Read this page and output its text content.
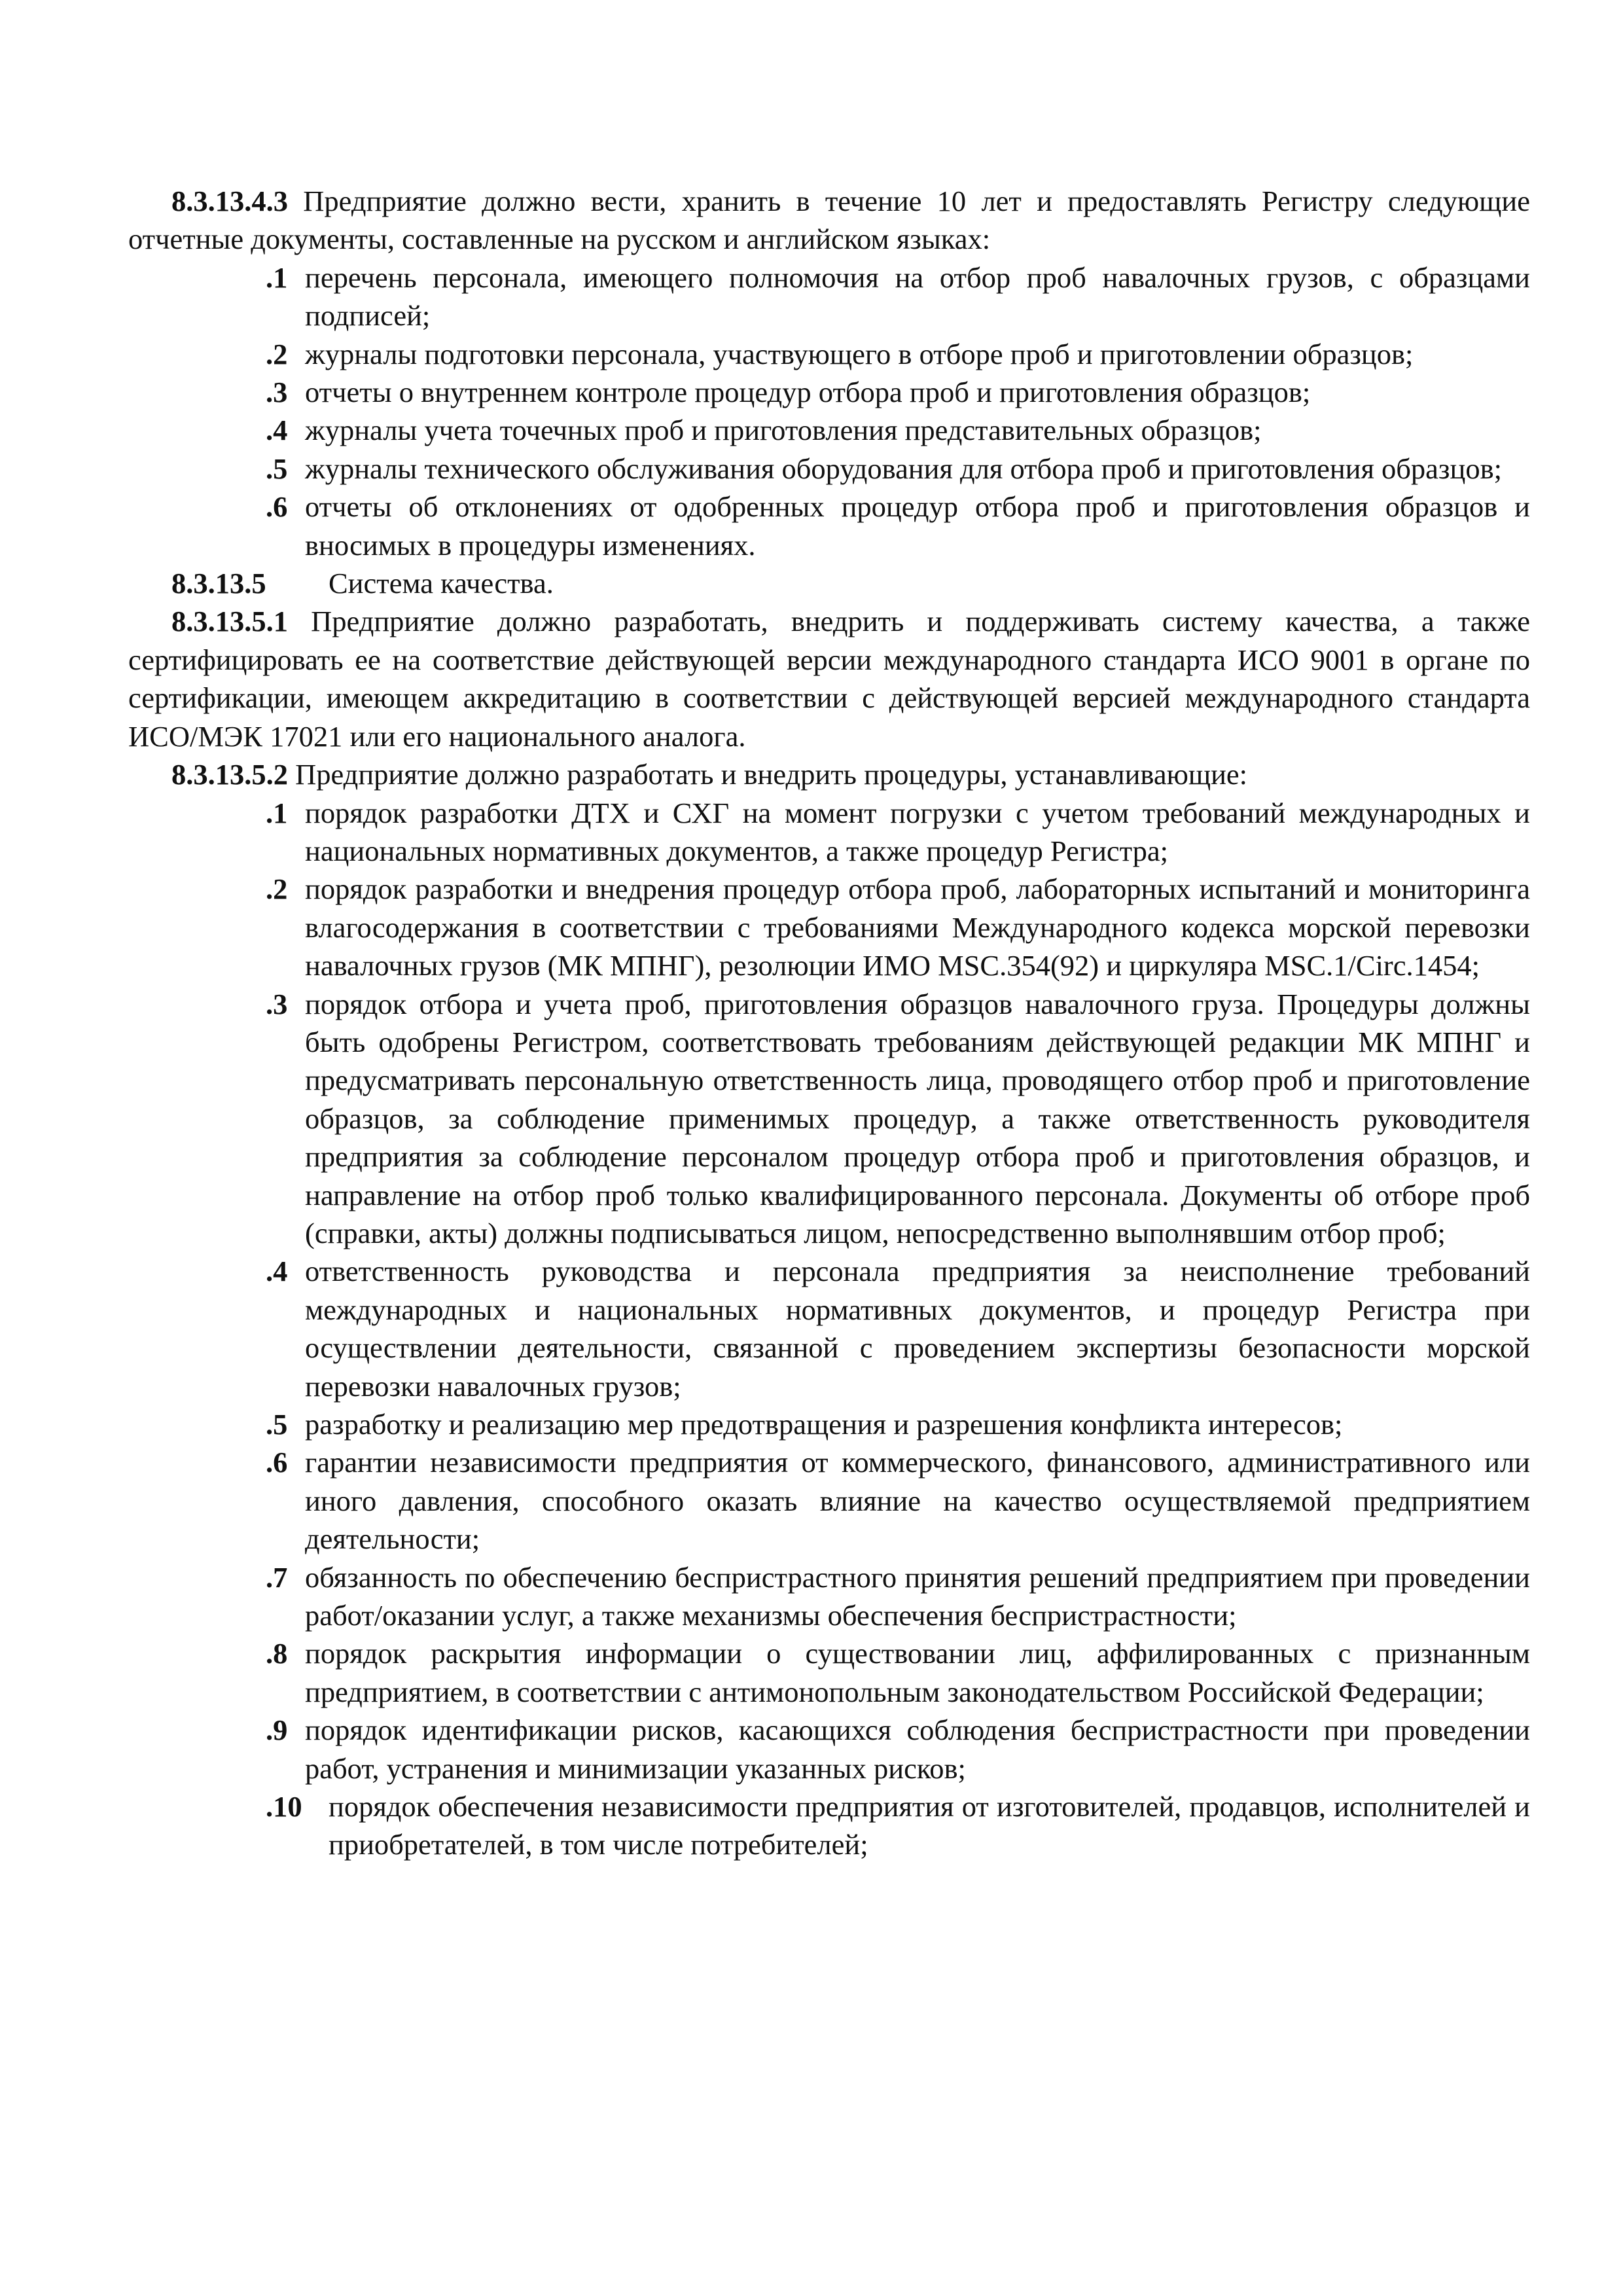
8.3.13.4.3 Предприятие должно вести, хранить в течение 10 лет и предоставлять Регистру следующие отчетные документы, составленные на русском и английском языках:

.1 перечень персонала, имеющего полномочия на отбор проб навалочных грузов, с образцами подписей;

.2 журналы подготовки персонала, участвующего в отборе проб и приготовлении образцов;

.3 отчеты о внутреннем контроле процедур отбора проб и приготовления образцов;

.4 журналы учета точечных проб и приготовления представительных образцов;

.5 журналы технического обслуживания оборудования для отбора проб и приготовления образцов;

.6 отчеты об отклонениях от одобренных процедур отбора проб и приготовления образцов и вносимых в процедуры изменениях.

8.3.13.5 Система качества.

8.3.13.5.1 Предприятие должно разработать, внедрить и поддерживать систему качества, а также сертифицировать ее на соответствие действующей версии международного стандарта ИСО 9001 в органе по сертификации, имеющем аккредитацию в соответствии с действующей версией международного стандарта ИСО/МЭК 17021 или его национального аналога.

8.3.13.5.2 Предприятие должно разработать и внедрить процедуры, устанавливающие:

.1 порядок разработки ДТХ и СХГ на момент погрузки с учетом требований международных и национальных нормативных документов, а также процедур Регистра;

.2 порядок разработки и внедрения процедур отбора проб, лабораторных испытаний и мониторинга влагосодержания в соответствии с требованиями Международного кодекса морской перевозки навалочных грузов (МК МПНГ), резолюции ИМО MSC.354(92) и циркуляра MSC.1/Circ.1454;

.3 порядок отбора и учета проб, приготовления образцов навалочного груза. Процедуры должны быть одобрены Регистром, соответствовать требованиям действующей редакции МК МПНГ и предусматривать персональную ответственность лица, проводящего отбор проб и приготовление образцов, за соблюдение применимых процедур, а также ответственность руководителя предприятия за соблюдение персоналом процедур отбора проб и приготовления образцов, и направление на отбор проб только квалифицированного персонала. Документы об отборе проб (справки, акты) должны подписываться лицом, непосредственно выполнявшим отбор проб;

.4 ответственность руководства и персонала предприятия за неисполнение требований международных и национальных нормативных документов, и процедур Регистра при осуществлении деятельности, связанной с проведением экспертизы безопасности морской перевозки навалочных грузов;

.5 разработку и реализацию мер предотвращения и разрешения конфликта интересов;

.6 гарантии независимости предприятия от коммерческого, финансового, административного или иного давления, способного оказать влияние на качество осуществляемой предприятием деятельности;

.7 обязанность по обеспечению беспристрастного принятия решений предприятием при проведении работ/оказании услуг, а также механизмы обеспечения беспристрастности;

.8 порядок раскрытия информации о существовании лиц, аффилированных с признанным предприятием, в соответствии с антимонопольным законодательством Российской Федерации;

.9 порядок идентификации рисков, касающихся соблюдения беспристрастности при проведении работ, устранения и минимизации указанных рисков;

.10 порядок обеспечения независимости предприятия от изготовителей, продавцов, исполнителей и приобретателей, в том числе потребителей;
